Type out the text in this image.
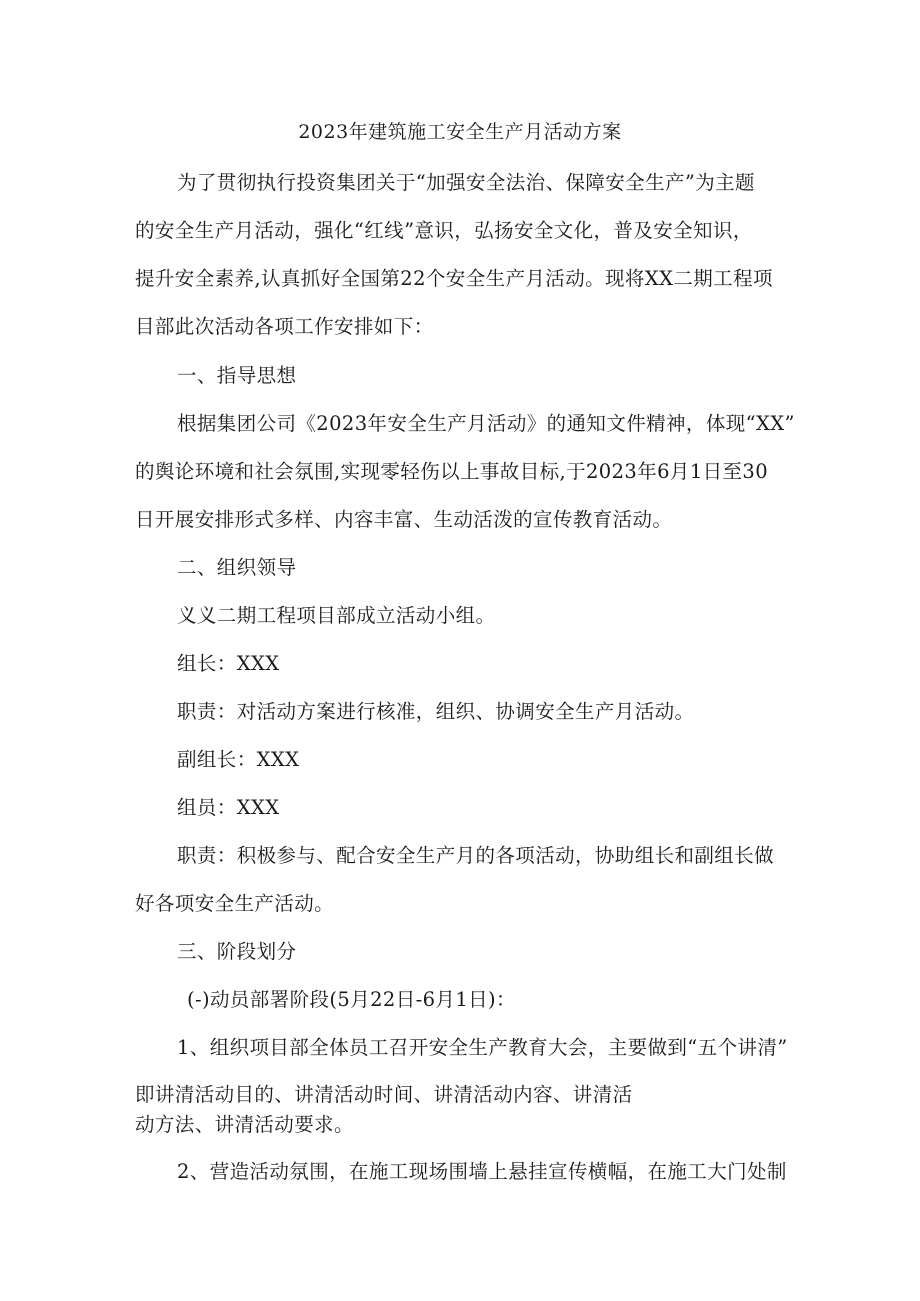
2023年建筑施工安全生产月活动方案

为了贯彻执行投资集团关于“加强安全法治、保障安全生产”为主题

的安全生产月活动，强化“红线”意识，弘扬安全文化，普及安全知识，

提升安全素养,认真抓好全国第22个安全生产月活动。现将XX二期工程项

目部此次活动各项工作安排如下：

一、指导思想

根据集团公司《2023年安全生产月活动》的通知文件精神，体现“XX”

的舆论环境和社会氛围,实现零轻伤以上事故目标,于2023年6月1日至30

日开展安排形式多样、内容丰富、生动活泼的宣传教育活动。

二、组织领导

义义二期工程项目部成立活动小组。

组长：XXX

职责：对活动方案进行核准，组织、协调安全生产月活动。

副组长：XXX

组员：XXX

职责：积极参与、配合安全生产月的各项活动，协助组长和副组长做

好各项安全生产活动。

三、阶段划分

(-)动员部署阶段(5月22日-6月1日)：

1、组织项目部全体员工召开安全生产教育大会，主要做到“五个讲清”

即讲清活动目的、讲清活动时间、讲清活动内容、讲清活

动方法、讲清活动要求。

2、营造活动氛围，在施工现场围墙上悬挂宣传横幅，在施工大门处制
